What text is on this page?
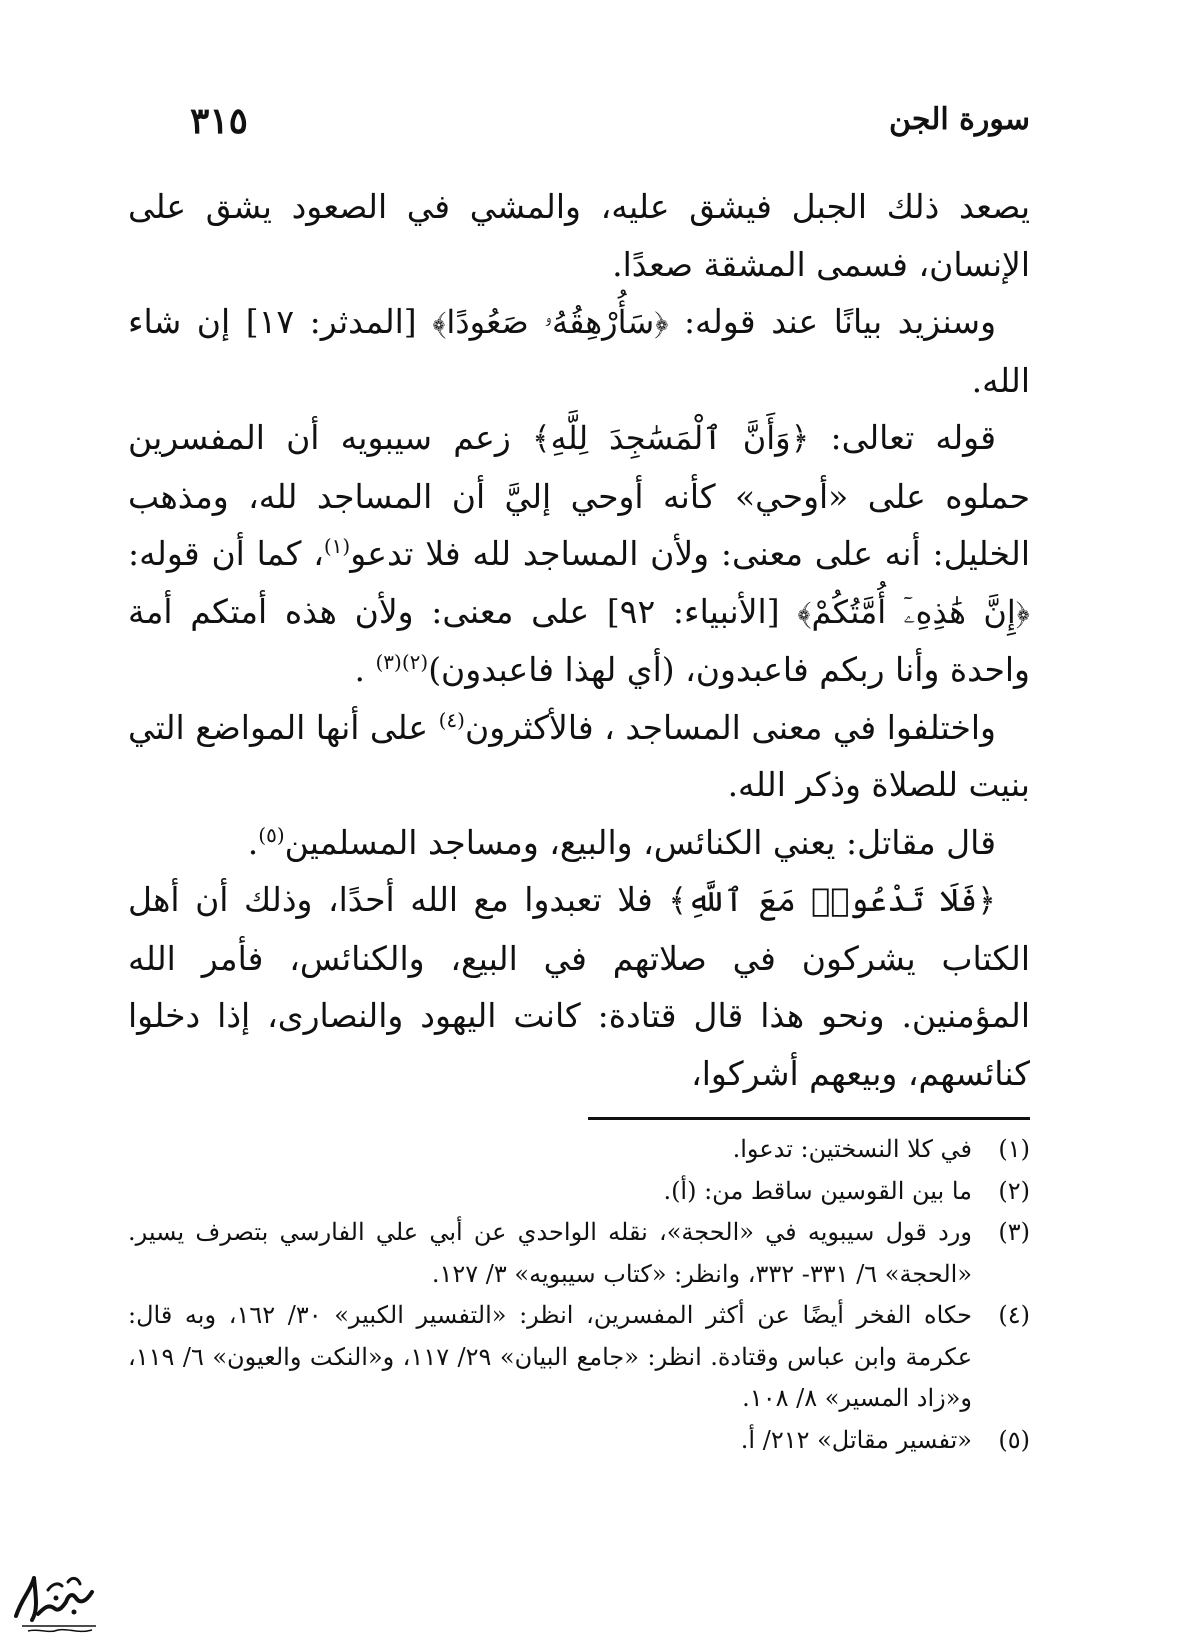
سورة الجن
٣١٥

يصعد ذلك الجبل فيشق عليه، والمشي في الصعود يشق على الإنسان، فسمى المشقة صعدًا.

وسنزيد بيانًا عند قوله: ﴿سَأُرْهِقُهُۥ صَعُودًا﴾ [المدثر: ١٧] إن شاء الله.

قوله تعالى: ﴿وَأَنَّ ٱلْمَسَٰجِدَ لِلَّهِ﴾ زعم سيبويه أن المفسرين حملوه على «أوحي» كأنه أوحي إليَّ أن المساجد لله، ومذهب الخليل: أنه على معنى: ولأن المساجد لله فلا تدعو$^{(١)}$، كما أن قوله: ﴿إِنَّ هَٰذِهِۦٓ أُمَّتُكُمْ﴾ [الأنبياء: ٩٢] على معنى: ولأن هذه أمتكم أمة واحدة وأنا ربكم فاعبدون، (أي لهذا فاعبدون)$^{(٢)(٣)}$ .

واختلفوا في معنى المساجد ، فالأكثرون$^{(٤)}$ على أنها المواضع التي بنيت للصلاة وذكر الله.

قال مقاتل: يعني الكنائس، والبيع، ومساجد المسلمين$^{(٥)}$.

﴿فَلَا تَدْعُوا۟ مَعَ ٱللَّهِ﴾ فلا تعبدوا مع الله أحدًا، وذلك أن أهل الكتاب يشركون في صلاتهم في البيع، والكنائس، فأمر الله المؤمنين. ونحو هذا قال قتادة: كانت اليهود والنصارى، إذا دخلوا كنائسهم، وبيعهم أشركوا،

(١)
في كلا النسختين: تدعوا.
(٢)
ما بين القوسين ساقط من: (أ).
(٣)
ورد قول سيبويه في «الحجة»، نقله الواحدي عن أبي علي الفارسي بتصرف يسير. «الحجة» ٦/ ٣٣١- ٣٣٢، وانظر: «كتاب سيبويه» ٣/ ١٢٧.
(٤)
حكاه الفخر أيضًا عن أكثر المفسرين، انظر: «التفسير الكبير» ٣٠/ ١٦٢، وبه قال: عكرمة وابن عباس وقتادة. انظر: «جامع البيان» ٢٩/ ١١٧، و«النكت والعيون» ٦/ ١١٩، و«زاد المسير» ٨/ ١٠٨.
(٥)
«تفسير مقاتل» ٢١٢/ أ.
